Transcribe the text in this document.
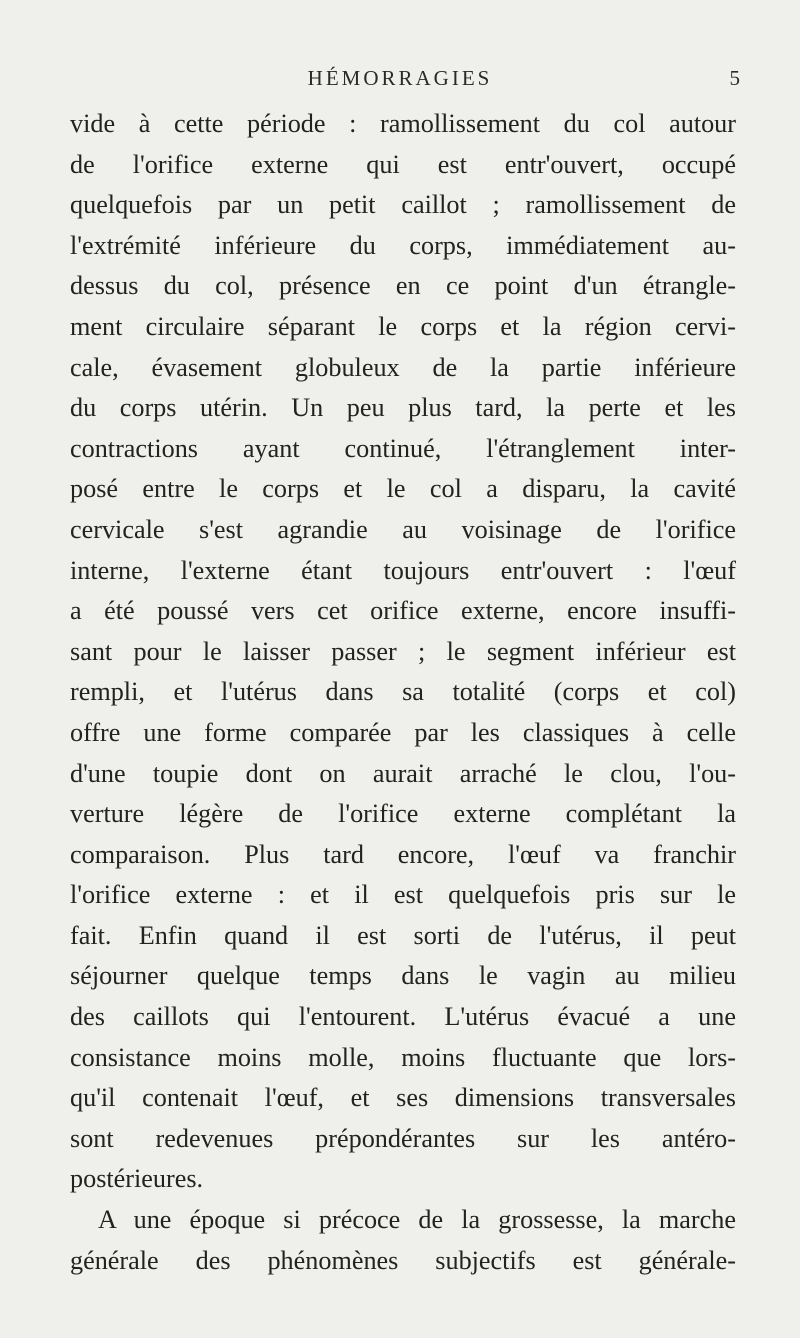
HÉMORRAGIES	5
vide à cette période : ramollissement du col autour
de l'orifice externe qui est entr'ouvert, occupé
quelquefois par un petit caillot ; ramollissement de
l'extrémité inférieure du corps, immédiatement au-
dessus du col, présence en ce point d'un étrangle-
ment circulaire séparant le corps et la région cervi-
cale, évasement globuleux de la partie inférieure
du corps utérin. Un peu plus tard, la perte et les
contractions ayant continué, l'étranglement inter-
posé entre le corps et le col a disparu, la cavité
cervicale s'est agrandie au voisinage de l'orifice
interne, l'externe étant toujours entr'ouvert : l'œuf
a été poussé vers cet orifice externe, encore insuffi-
sant pour le laisser passer ; le segment inférieur est
rempli, et l'utérus dans sa totalité (corps et col)
offre une forme comparée par les classiques à celle
d'une toupie dont on aurait arraché le clou, l'ou-
verture légère de l'orifice externe complétant la
comparaison. Plus tard encore, l'œuf va franchir
l'orifice externe : et il est quelquefois pris sur le
fait. Enfin quand il est sorti de l'utérus, il peut
séjourner quelque temps dans le vagin au milieu
des caillots qui l'entourent. L'utérus évacué a une
consistance moins molle, moins fluctuante que lors-
qu'il contenait l'œuf, et ses dimensions transversales
sont redevenues prépondérantes sur les antéro-
postérieures.
A une époque si précoce de la grossesse, la marche
générale des phénomènes subjectifs est générale-
